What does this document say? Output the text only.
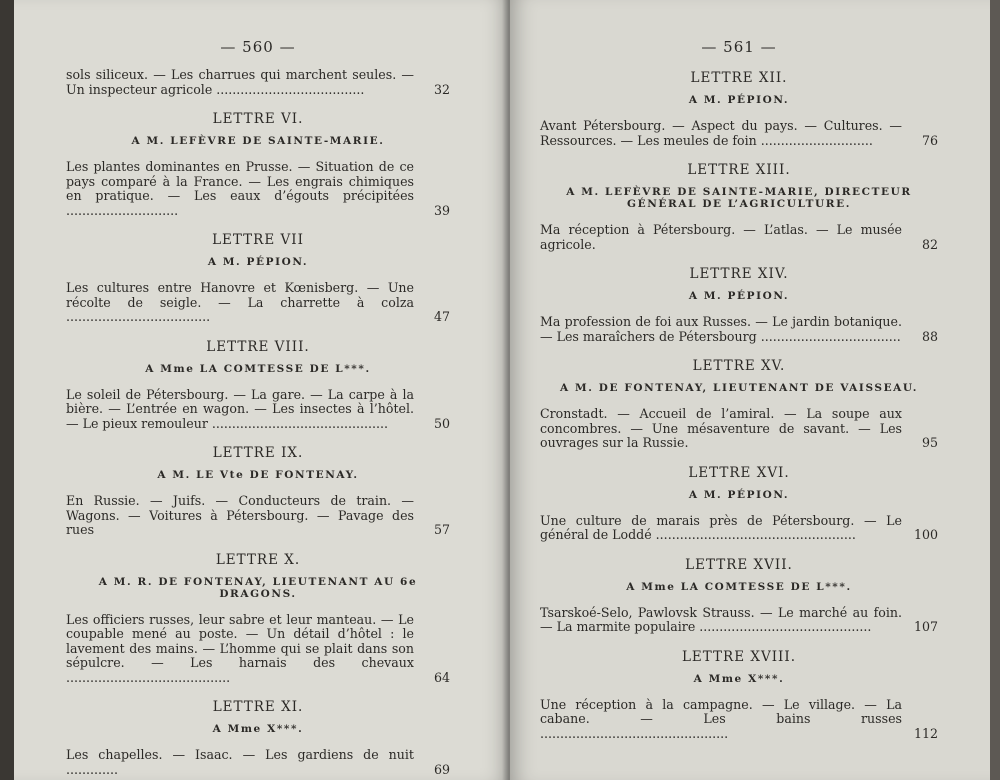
— 560 —
sols siliceux. — Les charrues qui marchent seules. — Un inspecteur agricole .....................................	32
LETTRE VI.
A M. LEFÈVRE DE SAINTE-MARIE.
Les plantes dominantes en Prusse. — Situation de ce pays comparé à la France. — Les engrais chimiques en pratique. — Les eaux d’égouts précipitées ............................	39
LETTRE VII
A M. PÉPION.
Les cultures entre Hanovre et Kœnisberg. — Une récolte de seigle. — La charrette à colza ....................................	47
LETTRE VIII.
A Mme LA COMTESSE DE L***.
Le soleil de Pétersbourg. — La gare. — La carpe à la bière. — L’entrée en wagon. — Les insectes à l’hôtel. — Le pieux remouleur ............................................	50
LETTRE IX.
A M. LE Vte DE FONTENAY.
En Russie. — Juifs. — Conducteurs de train. — Wagons. — Voitures à Pétersbourg. — Pavage des rues	57
LETTRE X.
A M. R. DE FONTENAY, LIEUTENANT AU 6e DRAGONS.
Les officiers russes, leur sabre et leur manteau. — Le coupable mené au poste. — Un détail d’hôtel : le lavement des mains. — L’homme qui se plait dans son sépulcre. — Les harnais des chevaux .........................................	64
LETTRE XI.
A Mme X***.
Les chapelles. — Isaac. — Les gardiens de nuit .............	69
— 561 —
LETTRE XII.
A M. PÉPION.
Avant Pétersbourg. — Aspect du pays. — Cultures. — Ressources. — Les meules de foin ............................	76
LETTRE XIII.
A M. LEFÈVRE DE SAINTE-MARIE, DIRECTEUR GÉNÉRAL DE L’AGRICULTURE.
Ma réception à Pétersbourg. — L’atlas. — Le musée agricole.	82
LETTRE XIV.
A M. PÉPION.
Ma profession de foi aux Russes. — Le jardin botanique. — Les maraîchers de Pétersbourg ...................................	88
LETTRE XV.
A M. DE FONTENAY, LIEUTENANT DE VAISSEAU.
Cronstadt. — Accueil de l’amiral. — La soupe aux concombres. — Une mésaventure de savant. — Les ouvrages sur la Russie.	95
LETTRE XVI.
A M. PÉPION.
Une culture de marais près de Pétersbourg. — Le général de Loddé ..................................................	100
LETTRE XVII.
A Mme LA COMTESSE DE L***.
Tsarskoé-Selo, Pawlovsk Strauss. — Le marché au foin. — La marmite populaire ...........................................	107
LETTRE XVIII.
A Mme X***.
Une réception à la campagne. — Le village. — La cabane. — Les bains russes ...............................................	112
